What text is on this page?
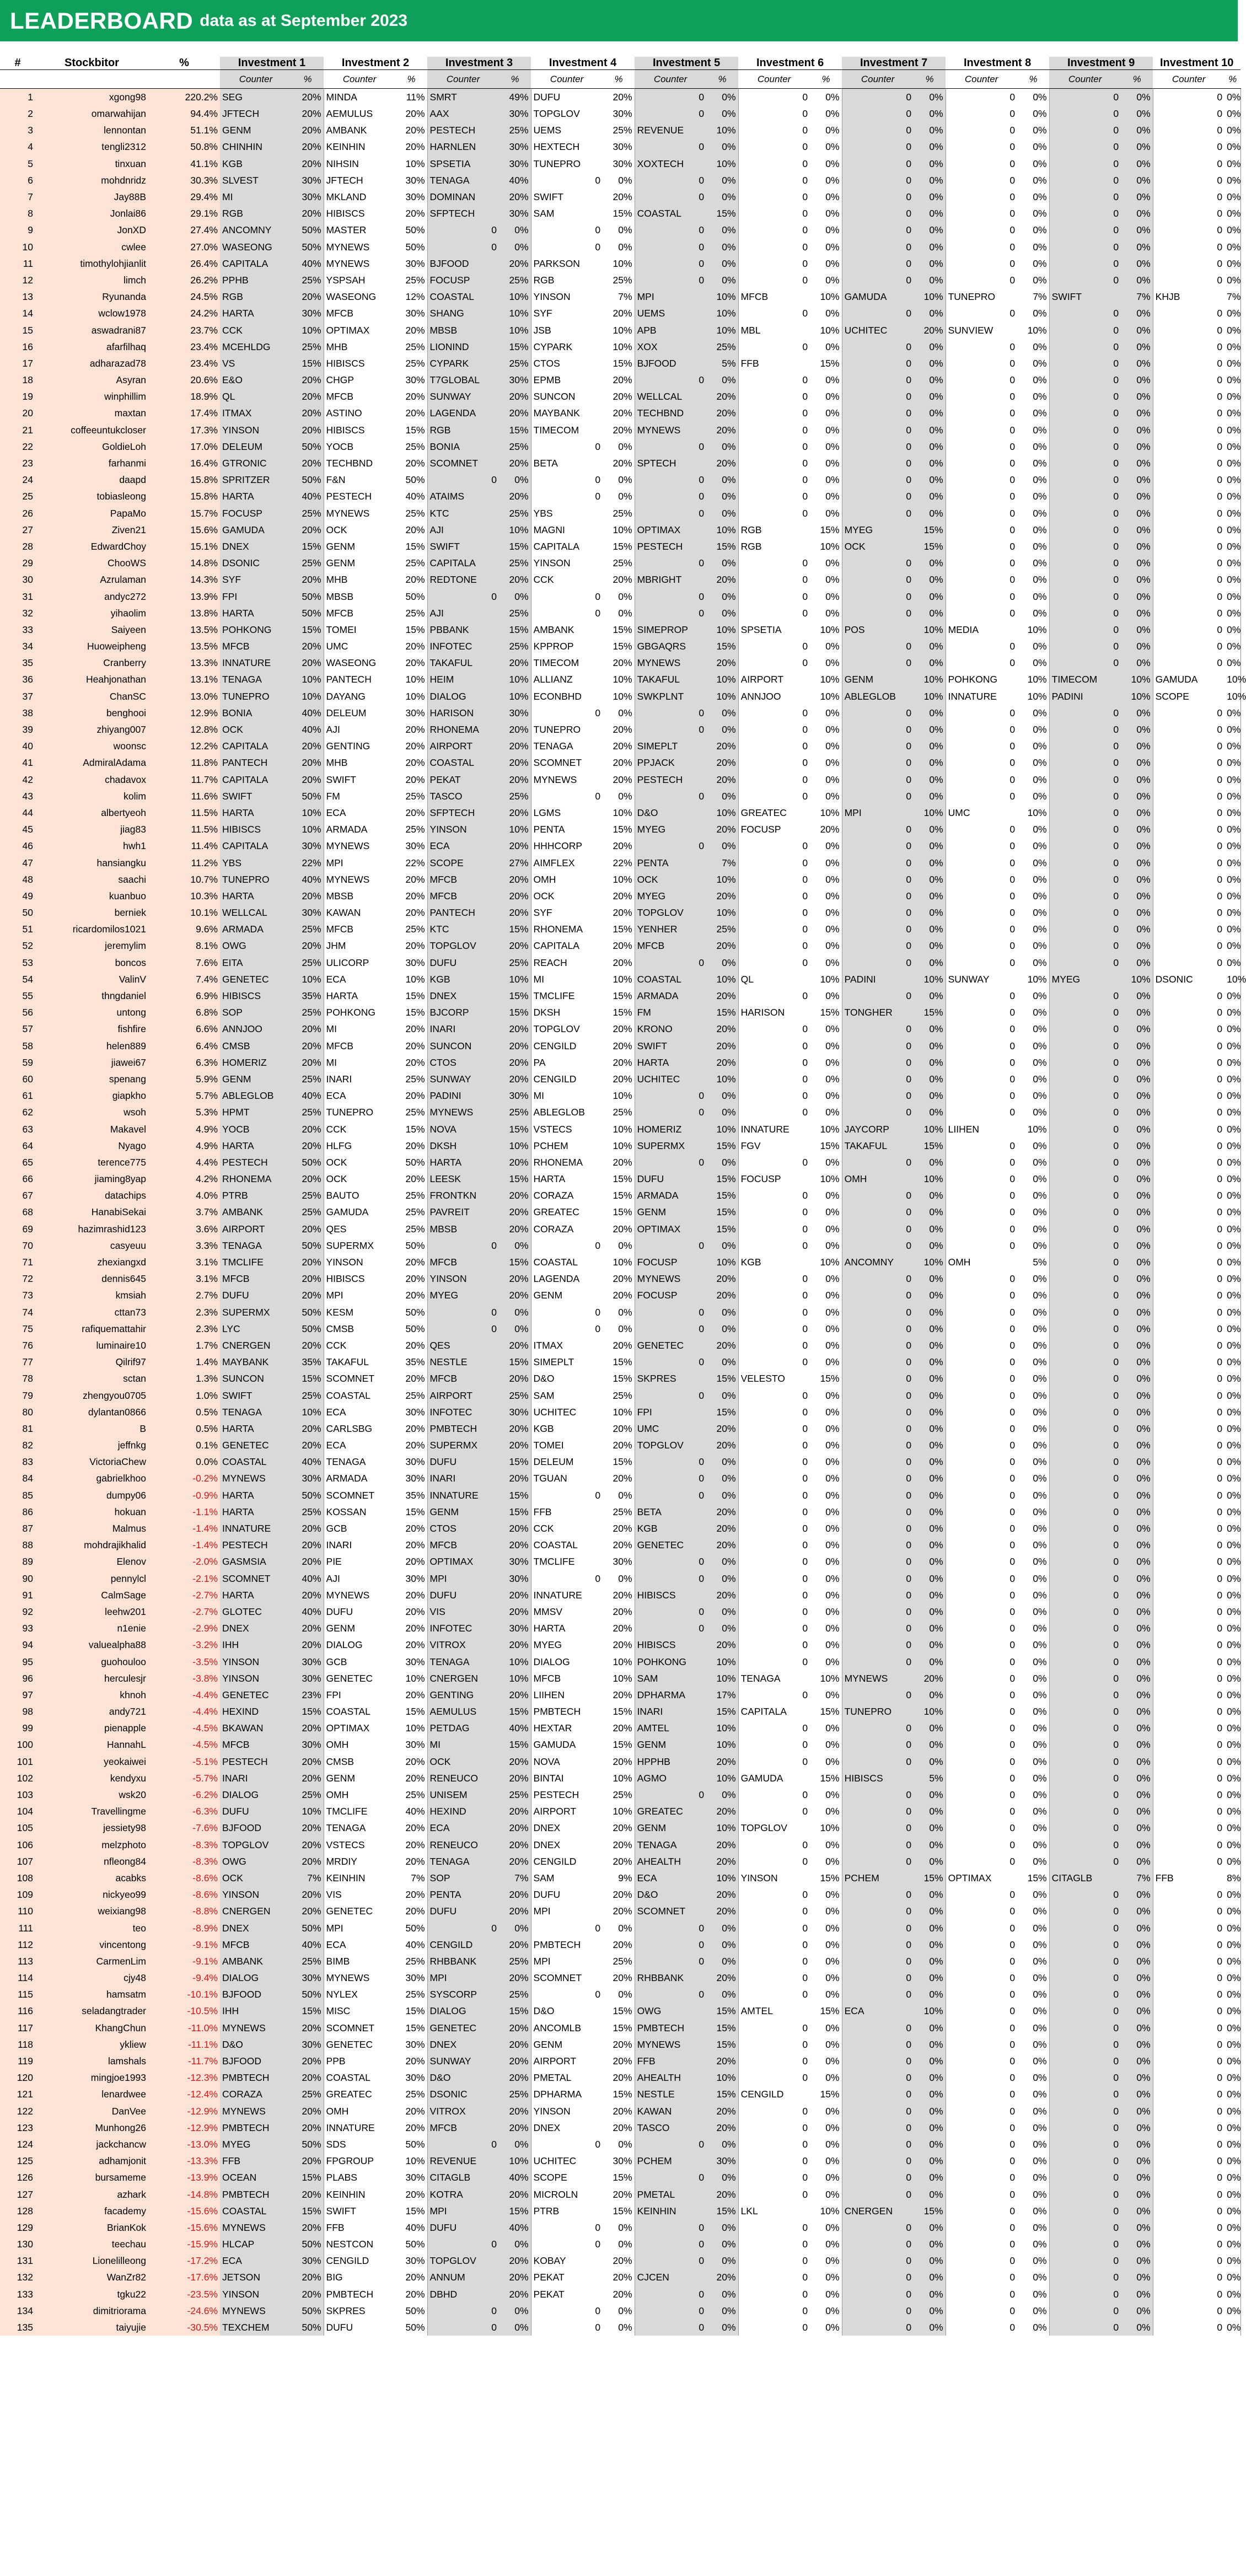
LEADERBOARD data as at September 2023
#	Stockbitor	%	Investment 1		Investment 2		Investment 3		Investment 4		Investment 5		Investment 6		Investment 7		Investment 8		Investment 9		Investment 10	
			Counter	%	Counter	%	Counter	%	Counter	%	Counter	%	Counter	%	Counter	%	Counter	%	Counter	%	Counter	%
1	xgong98	220.2%	SEG	20%	MINDA	11%	SMRT	49%	DUFU	20%	0	0%	0	0%	0	0%	0	0%	0	0%	0	0%
2	omarwahijan	94.4%	JFTECH	20%	AEMULUS	20%	AAX	30%	TOPGLOV	30%	0	0%	0	0%	0	0%	0	0%	0	0%	0	0%
3	lennontan	51.1%	GENM	20%	AMBANK	20%	PESTECH	25%	UEMS	25%	REVENUE	10%	0	0%	0	0%	0	0%	0	0%	0	0%
4	tengli2312	50.8%	CHINHIN	20%	KEINHIN	20%	HARNLEN	30%	HEXTECH	30%	0	0%	0	0%	0	0%	0	0%	0	0%	0	0%
5	tinxuan	41.1%	KGB	20%	NIHSIN	10%	SPSETIA	30%	TUNEPRO	30%	XOXTECH	10%	0	0%	0	0%	0	0%	0	0%	0	0%
6	mohdnridz	30.3%	SLVEST	30%	JFTECH	30%	TENAGA	40%	0	0%	0	0%	0	0%	0	0%	0	0%	0	0%	0	0%
7	Jay88B	29.4%	MI	30%	MKLAND	30%	DOMINAN	20%	SWIFT	20%	0	0%	0	0%	0	0%	0	0%	0	0%	0	0%
8	Jonlai86	29.1%	RGB	20%	HIBISCS	20%	SFPTECH	30%	SAM	15%	COASTAL	15%	0	0%	0	0%	0	0%	0	0%	0	0%
9	JonXD	27.4%	ANCOMNY	50%	MASTER	50%	0	0%	0	0%	0	0%	0	0%	0	0%	0	0%	0	0%	0	0%
10	cwlee	27.0%	WASEONG	50%	MYNEWS	50%	0	0%	0	0%	0	0%	0	0%	0	0%	0	0%	0	0%	0	0%
11	timothylohjianlit	26.4%	CAPITALA	40%	MYNEWS	30%	BJFOOD	20%	PARKSON	10%	0	0%	0	0%	0	0%	0	0%	0	0%	0	0%
12	limch	26.2%	PPHB	25%	YSPSAH	25%	FOCUSP	25%	RGB	25%	0	0%	0	0%	0	0%	0	0%	0	0%	0	0%
13	Ryunanda	24.5%	RGB	20%	WASEONG	12%	COASTAL	10%	YINSON	7%	MPI	10%	MFCB	10%	GAMUDA	10%	TUNEPRO	7%	SWIFT	7%	KHJB	7%
14	wclow1978	24.2%	HARTA	30%	MFCB	30%	SHANG	10%	SYF	20%	UEMS	10%	0	0%	0	0%	0	0%	0	0%	0	0%
15	aswadrani87	23.7%	CCK	10%	OPTIMAX	20%	MBSB	10%	JSB	10%	APB	10%	MBL	10%	UCHITEC	20%	SUNVIEW	10%	0	0%	0	0%
16	afarfilhaq	23.4%	MCEHLDG	25%	MHB	25%	LIONIND	15%	CYPARK	10%	XOX	25%	0	0%	0	0%	0	0%	0	0%	0	0%
17	adharazad78	23.4%	VS	15%	HIBISCS	25%	CYPARK	25%	CTOS	15%	BJFOOD	5%	FFB	15%	0	0%	0	0%	0	0%	0	0%
18	Asyran	20.6%	E&O	20%	CHGP	30%	T7GLOBAL	30%	EPMB	20%	0	0%	0	0%	0	0%	0	0%	0	0%	0	0%
19	winphillim	18.9%	QL	20%	MFCB	20%	SUNWAY	20%	SUNCON	20%	WELLCAL	20%	0	0%	0	0%	0	0%	0	0%	0	0%
20	maxtan	17.4%	ITMAX	20%	ASTINO	20%	LAGENDA	20%	MAYBANK	20%	TECHBND	20%	0	0%	0	0%	0	0%	0	0%	0	0%
21	coffeeuntukcloser	17.3%	YINSON	20%	HIBISCS	15%	RGB	15%	TIMECOM	20%	MYNEWS	20%	0	0%	0	0%	0	0%	0	0%	0	0%
22	GoldieLoh	17.0%	DELEUM	50%	YOCB	25%	BONIA	25%	0	0%	0	0%	0	0%	0	0%	0	0%	0	0%	0	0%
23	farhanmi	16.4%	GTRONIC	20%	TECHBND	20%	SCOMNET	20%	BETA	20%	SPTECH	20%	0	0%	0	0%	0	0%	0	0%	0	0%
24	daapd	15.8%	SPRITZER	50%	F&N	50%	0	0%	0	0%	0	0%	0	0%	0	0%	0	0%	0	0%	0	0%
25	tobiasleong	15.8%	HARTA	40%	PESTECH	40%	ATAIMS	20%	0	0%	0	0%	0	0%	0	0%	0	0%	0	0%	0	0%
26	PapaMo	15.7%	FOCUSP	25%	MYNEWS	25%	KTC	25%	YBS	25%	0	0%	0	0%	0	0%	0	0%	0	0%	0	0%
27	Ziven21	15.6%	GAMUDA	20%	OCK	20%	AJI	10%	MAGNI	10%	OPTIMAX	10%	RGB	15%	MYEG	15%	0	0%	0	0%	0	0%
28	EdwardChoy	15.1%	DNEX	15%	GENM	15%	SWIFT	15%	CAPITALA	15%	PESTECH	15%	RGB	10%	OCK	15%	0	0%	0	0%	0	0%
29	ChooWS	14.8%	DSONIC	25%	GENM	25%	CAPITALA	25%	YINSON	25%	0	0%	0	0%	0	0%	0	0%	0	0%	0	0%
30	Azrulaman	14.3%	SYF	20%	MHB	20%	REDTONE	20%	CCK	20%	MBRIGHT	20%	0	0%	0	0%	0	0%	0	0%	0	0%
31	andyc272	13.9%	FPI	50%	MBSB	50%	0	0%	0	0%	0	0%	0	0%	0	0%	0	0%	0	0%	0	0%
32	yihaolim	13.8%	HARTA	50%	MFCB	25%	AJI	25%	0	0%	0	0%	0	0%	0	0%	0	0%	0	0%	0	0%
33	Saiyeen	13.5%	POHKONG	15%	TOMEI	15%	PBBANK	15%	AMBANK	15%	SIMEPROP	10%	SPSETIA	10%	POS	10%	MEDIA	10%	0	0%	0	0%
34	Huoweipheng	13.5%	MFCB	20%	UMC	20%	INFOTEC	25%	KPPROP	15%	GBGAQRS	15%	0	0%	0	0%	0	0%	0	0%	0	0%
35	Cranberry	13.3%	INNATURE	20%	WASEONG	20%	TAKAFUL	20%	TIMECOM	20%	MYNEWS	20%	0	0%	0	0%	0	0%	0	0%	0	0%
36	Heahjonathan	13.1%	TENAGA	10%	PANTECH	10%	HEIM	10%	ALLIANZ	10%	TAKAFUL	10%	AIRPORT	10%	GENM	10%	POHKONG	10%	TIMECOM	10%	GAMUDA	10%
37	ChanSC	13.0%	TUNEPRO	10%	DAYANG	10%	DIALOG	10%	ECONBHD	10%	SWKPLNT	10%	ANNJOO	10%	ABLEGLOB	10%	INNATURE	10%	PADINI	10%	SCOPE	10%
38	benghooi	12.9%	BONIA	40%	DELEUM	30%	HARISON	30%	0	0%	0	0%	0	0%	0	0%	0	0%	0	0%	0	0%
39	zhiyang007	12.8%	OCK	40%	AJI	20%	RHONEMA	20%	TUNEPRO	20%	0	0%	0	0%	0	0%	0	0%	0	0%	0	0%
40	woonsc	12.2%	CAPITALA	20%	GENTING	20%	AIRPORT	20%	TENAGA	20%	SIMEPLT	20%	0	0%	0	0%	0	0%	0	0%	0	0%
41	AdmiralAdama	11.8%	PANTECH	20%	MHB	20%	COASTAL	20%	SCOMNET	20%	PPJACK	20%	0	0%	0	0%	0	0%	0	0%	0	0%
42	chadavox	11.7%	CAPITALA	20%	SWIFT	20%	PEKAT	20%	MYNEWS	20%	PESTECH	20%	0	0%	0	0%	0	0%	0	0%	0	0%
43	kolim	11.6%	SWIFT	50%	FM	25%	TASCO	25%	0	0%	0	0%	0	0%	0	0%	0	0%	0	0%	0	0%
44	albertyeoh	11.5%	HARTA	10%	ECA	20%	SFPTECH	20%	LGMS	10%	D&O	10%	GREATEC	10%	MPI	10%	UMC	10%	0	0%	0	0%
45	jiag83	11.5%	HIBISCS	10%	ARMADA	25%	YINSON	10%	PENTA	15%	MYEG	20%	FOCUSP	20%	0	0%	0	0%	0	0%	0	0%
46	hwh1	11.4%	CAPITALA	30%	MYNEWS	30%	ECA	20%	HHHCORP	20%	0	0%	0	0%	0	0%	0	0%	0	0%	0	0%
47	hansiangku	11.2%	YBS	22%	MPI	22%	SCOPE	27%	AIMFLEX	22%	PENTA	7%	0	0%	0	0%	0	0%	0	0%	0	0%
48	saachi	10.7%	TUNEPRO	40%	MYNEWS	20%	MFCB	20%	OMH	10%	OCK	10%	0	0%	0	0%	0	0%	0	0%	0	0%
49	kuanbuo	10.3%	HARTA	20%	MBSB	20%	MFCB	20%	OCK	20%	MYEG	20%	0	0%	0	0%	0	0%	0	0%	0	0%
50	berniek	10.1%	WELLCAL	30%	KAWAN	20%	PANTECH	20%	SYF	20%	TOPGLOV	10%	0	0%	0	0%	0	0%	0	0%	0	0%
51	ricardomilos1021	9.6%	ARMADA	25%	MFCB	25%	KTC	15%	RHONEMA	15%	YENHER	25%	0	0%	0	0%	0	0%	0	0%	0	0%
52	jeremylim	8.1%	OWG	20%	JHM	20%	TOPGLOV	20%	CAPITALA	20%	MFCB	20%	0	0%	0	0%	0	0%	0	0%	0	0%
53	boncos	7.6%	EITA	25%	ULICORP	30%	DUFU	25%	REACH	20%	0	0%	0	0%	0	0%	0	0%	0	0%	0	0%
54	ValinV	7.4%	GENETEC	10%	ECA	10%	KGB	10%	MI	10%	COASTAL	10%	QL	10%	PADINI	10%	SUNWAY	10%	MYEG	10%	DSONIC	10%
55	thngdaniel	6.9%	HIBISCS	35%	HARTA	15%	DNEX	15%	TMCLIFE	15%	ARMADA	20%	0	0%	0	0%	0	0%	0	0%	0	0%
56	untong	6.8%	SOP	25%	POHKONG	15%	BJCORP	15%	DKSH	15%	FM	15%	HARISON	15%	TONGHER	15%	0	0%	0	0%	0	0%
57	fishfire	6.6%	ANNJOO	20%	MI	20%	INARI	20%	TOPGLOV	20%	KRONO	20%	0	0%	0	0%	0	0%	0	0%	0	0%
58	helen889	6.4%	CMSB	20%	MFCB	20%	SUNCON	20%	CENGILD	20%	SWIFT	20%	0	0%	0	0%	0	0%	0	0%	0	0%
59	jiawei67	6.3%	HOMERIZ	20%	MI	20%	CTOS	20%	PA	20%	HARTA	20%	0	0%	0	0%	0	0%	0	0%	0	0%
60	spenang	5.9%	GENM	25%	INARI	25%	SUNWAY	20%	CENGILD	20%	UCHITEC	10%	0	0%	0	0%	0	0%	0	0%	0	0%
61	giapkho	5.7%	ABLEGLOB	40%	ECA	20%	PADINI	30%	MI	10%	0	0%	0	0%	0	0%	0	0%	0	0%	0	0%
62	wsoh	5.3%	HPMT	25%	TUNEPRO	25%	MYNEWS	25%	ABLEGLOB	25%	0	0%	0	0%	0	0%	0	0%	0	0%	0	0%
63	Makavel	4.9%	YOCB	20%	CCK	15%	NOVA	15%	VSTECS	10%	HOMERIZ	10%	INNATURE	10%	JAYCORP	10%	LIIHEN	10%	0	0%	0	0%
64	Nyago	4.9%	HARTA	20%	HLFG	20%	DKSH	10%	PCHEM	10%	SUPERMX	15%	FGV	15%	TAKAFUL	15%	0	0%	0	0%	0	0%
65	terence775	4.4%	PESTECH	50%	OCK	50%	HARTA	20%	RHONEMA	20%	0	0%	0	0%	0	0%	0	0%	0	0%	0	0%
66	jiaming8yap	4.2%	RHONEMA	20%	OCK	20%	LEESK	15%	HARTA	15%	DUFU	15%	FOCUSP	10%	OMH	10%	0	0%	0	0%	0	0%
67	datachips	4.0%	PTRB	25%	BAUTO	25%	FRONTKN	20%	CORAZA	15%	ARMADA	15%	0	0%	0	0%	0	0%	0	0%	0	0%
68	HanabiSekai	3.7%	AMBANK	25%	GAMUDA	25%	PAVREIT	20%	GREATEC	15%	GENM	15%	0	0%	0	0%	0	0%	0	0%	0	0%
69	hazimrashid123	3.6%	AIRPORT	20%	QES	25%	MBSB	20%	CORAZA	20%	OPTIMAX	15%	0	0%	0	0%	0	0%	0	0%	0	0%
70	casyeuu	3.3%	TENAGA	50%	SUPERMX	50%	0	0%	0	0%	0	0%	0	0%	0	0%	0	0%	0	0%	0	0%
71	zhexiangxd	3.1%	TMCLIFE	20%	YINSON	20%	MFCB	15%	COASTAL	10%	FOCUSP	10%	KGB	10%	ANCOMNY	10%	OMH	5%	0	0%	0	0%
72	dennis645	3.1%	MFCB	20%	HIBISCS	20%	YINSON	20%	LAGENDA	20%	MYNEWS	20%	0	0%	0	0%	0	0%	0	0%	0	0%
73	kmsiah	2.7%	DUFU	20%	MPI	20%	MYEG	20%	GENM	20%	FOCUSP	20%	0	0%	0	0%	0	0%	0	0%	0	0%
74	cttan73	2.3%	SUPERMX	50%	KESM	50%	0	0%	0	0%	0	0%	0	0%	0	0%	0	0%	0	0%	0	0%
75	rafiquemattahir	2.3%	LYC	50%	CMSB	50%	0	0%	0	0%	0	0%	0	0%	0	0%	0	0%	0	0%	0	0%
76	luminaire10	1.7%	CNERGEN	20%	CCK	20%	QES	20%	ITMAX	20%	GENETEC	20%	0	0%	0	0%	0	0%	0	0%	0	0%
77	Qilrif97	1.4%	MAYBANK	35%	TAKAFUL	35%	NESTLE	15%	SIMEPLT	15%	0	0%	0	0%	0	0%	0	0%	0	0%	0	0%
78	sctan	1.3%	SUNCON	15%	SCOMNET	20%	MFCB	20%	D&O	15%	SKPRES	15%	VELESTO	15%	0	0%	0	0%	0	0%	0	0%
79	zhengyou0705	1.0%	SWIFT	25%	COASTAL	25%	AIRPORT	25%	SAM	25%	0	0%	0	0%	0	0%	0	0%	0	0%	0	0%
80	dylantan0866	0.5%	TENAGA	10%	ECA	30%	INFOTEC	30%	UCHITEC	10%	FPI	15%	0	0%	0	0%	0	0%	0	0%	0	0%
81	B	0.5%	HARTA	20%	CARLSBG	20%	PMBTECH	20%	KGB	20%	UMC	20%	0	0%	0	0%	0	0%	0	0%	0	0%
82	jeffnkg	0.1%	GENETEC	20%	ECA	20%	SUPERMX	20%	TOMEI	20%	TOPGLOV	20%	0	0%	0	0%	0	0%	0	0%	0	0%
83	VictoriaChew	0.0%	COASTAL	40%	TENAGA	30%	DUFU	15%	DELEUM	15%	0	0%	0	0%	0	0%	0	0%	0	0%	0	0%
84	gabrielkhoo	-0.2%	MYNEWS	30%	ARMADA	30%	INARI	20%	TGUAN	20%	0	0%	0	0%	0	0%	0	0%	0	0%	0	0%
85	dumpy06	-0.9%	HARTA	50%	SCOMNET	35%	INNATURE	15%	0	0%	0	0%	0	0%	0	0%	0	0%	0	0%	0	0%
86	hokuan	-1.1%	HARTA	25%	KOSSAN	15%	GENM	15%	FFB	25%	BETA	20%	0	0%	0	0%	0	0%	0	0%	0	0%
87	Malmus	-1.4%	INNATURE	20%	GCB	20%	CTOS	20%	CCK	20%	KGB	20%	0	0%	0	0%	0	0%	0	0%	0	0%
88	mohdrajikhalid	-1.4%	PESTECH	20%	INARI	20%	MFCB	20%	COASTAL	20%	GENETEC	20%	0	0%	0	0%	0	0%	0	0%	0	0%
89	Elenov	-2.0%	GASMSIA	20%	PIE	20%	OPTIMAX	30%	TMCLIFE	30%	0	0%	0	0%	0	0%	0	0%	0	0%	0	0%
90	pennylcl	-2.1%	SCOMNET	40%	AJI	30%	MPI	30%	0	0%	0	0%	0	0%	0	0%	0	0%	0	0%	0	0%
91	CalmSage	-2.7%	HARTA	20%	MYNEWS	20%	DUFU	20%	INNATURE	20%	HIBISCS	20%	0	0%	0	0%	0	0%	0	0%	0	0%
92	leehw201	-2.7%	GLOTEC	40%	DUFU	20%	VIS	20%	MMSV	20%	0	0%	0	0%	0	0%	0	0%	0	0%	0	0%
93	n1enie	-2.9%	DNEX	20%	GENM	20%	INFOTEC	30%	HARTA	20%	0	0%	0	0%	0	0%	0	0%	0	0%	0	0%
94	valuealpha88	-3.2%	IHH	20%	DIALOG	20%	VITROX	20%	MYEG	20%	HIBISCS	20%	0	0%	0	0%	0	0%	0	0%	0	0%
95	guohouloo	-3.5%	YINSON	30%	GCB	30%	TENAGA	10%	DIALOG	10%	POHKONG	10%	0	0%	0	0%	0	0%	0	0%	0	0%
96	herculesjr	-3.8%	YINSON	30%	GENETEC	10%	CNERGEN	10%	MFCB	10%	SAM	10%	TENAGA	10%	MYNEWS	20%	0	0%	0	0%	0	0%
97	khnoh	-4.4%	GENETEC	23%	FPI	20%	GENTING	20%	LIIHEN	20%	DPHARMA	17%	0	0%	0	0%	0	0%	0	0%	0	0%
98	andy721	-4.4%	HEXIND	15%	COASTAL	15%	AEMULUS	15%	PMBTECH	15%	INARI	15%	CAPITALA	15%	TUNEPRO	10%	0	0%	0	0%	0	0%
99	pienapple	-4.5%	BKAWAN	20%	OPTIMAX	10%	PETDAG	40%	HEXTAR	20%	AMTEL	10%	0	0%	0	0%	0	0%	0	0%	0	0%
100	HannahL	-4.5%	MFCB	30%	OMH	30%	MI	15%	GAMUDA	15%	GENM	10%	0	0%	0	0%	0	0%	0	0%	0	0%
101	yeokaiwei	-5.1%	PESTECH	20%	CMSB	20%	OCK	20%	NOVA	20%	HPPHB	20%	0	0%	0	0%	0	0%	0	0%	0	0%
102	kendyxu	-5.7%	INARI	20%	GENM	20%	RENEUCO	20%	BINTAI	10%	AGMO	10%	GAMUDA	15%	HIBISCS	5%	0	0%	0	0%	0	0%
103	wsk20	-6.2%	DIALOG	25%	OMH	25%	UNISEM	25%	PESTECH	25%	0	0%	0	0%	0	0%	0	0%	0	0%	0	0%
104	Travellingme	-6.3%	DUFU	10%	TMCLIFE	40%	HEXIND	20%	AIRPORT	10%	GREATEC	20%	0	0%	0	0%	0	0%	0	0%	0	0%
105	jessiety98	-7.6%	BJFOOD	20%	TENAGA	20%	ECA	20%	DNEX	20%	GENM	10%	TOPGLOV	10%	0	0%	0	0%	0	0%	0	0%
106	melzphoto	-8.3%	TOPGLOV	20%	VSTECS	20%	RENEUCO	20%	DNEX	20%	TENAGA	20%	0	0%	0	0%	0	0%	0	0%	0	0%
107	nfleong84	-8.3%	OWG	20%	MRDIY	20%	TENAGA	20%	CENGILD	20%	AHEALTH	20%	0	0%	0	0%	0	0%	0	0%	0	0%
108	acabks	-8.6%	OCK	7%	KEINHIN	7%	SOP	7%	SAM	9%	ECA	10%	YINSON	15%	PCHEM	15%	OPTIMAX	15%	CITAGLB	7%	FFB	8%
109	nickyeo99	-8.6%	YINSON	20%	VIS	20%	PENTA	20%	DUFU	20%	D&O	20%	0	0%	0	0%	0	0%	0	0%	0	0%
110	weixiang98	-8.8%	CNERGEN	20%	GENETEC	20%	DUFU	20%	MPI	20%	SCOMNET	20%	0	0%	0	0%	0	0%	0	0%	0	0%
111	teo	-8.9%	DNEX	50%	MPI	50%	0	0%	0	0%	0	0%	0	0%	0	0%	0	0%	0	0%	0	0%
112	vincentong	-9.1%	MFCB	40%	ECA	40%	CENGILD	20%	PMBTECH	20%	0	0%	0	0%	0	0%	0	0%	0	0%	0	0%
113	CarmenLim	-9.1%	AMBANK	25%	BIMB	25%	RHBBANK	25%	MPI	25%	0	0%	0	0%	0	0%	0	0%	0	0%	0	0%
114	cjy48	-9.4%	DIALOG	30%	MYNEWS	30%	MPI	20%	SCOMNET	20%	RHBBANK	20%	0	0%	0	0%	0	0%	0	0%	0	0%
115	hamsatm	-10.1%	BJFOOD	50%	NYLEX	25%	SYSCORP	25%	0	0%	0	0%	0	0%	0	0%	0	0%	0	0%	0	0%
116	seladangtrader	-10.5%	IHH	15%	MISC	15%	DIALOG	15%	D&O	15%	OWG	15%	AMTEL	15%	ECA	10%	0	0%	0	0%	0	0%
117	KhangChun	-11.0%	MYNEWS	20%	SCOMNET	15%	GENETEC	20%	ANCOMLB	15%	PMBTECH	15%	0	0%	0	0%	0	0%	0	0%	0	0%
118	ykliew	-11.1%	D&O	30%	GENETEC	30%	DNEX	20%	GENM	20%	MYNEWS	15%	0	0%	0	0%	0	0%	0	0%	0	0%
119	lamshals	-11.7%	BJFOOD	20%	PPB	20%	SUNWAY	20%	AIRPORT	20%	FFB	20%	0	0%	0	0%	0	0%	0	0%	0	0%
120	mingjoe1993	-12.3%	PMBTECH	20%	COASTAL	30%	D&O	20%	PMETAL	20%	AHEALTH	10%	0	0%	0	0%	0	0%	0	0%	0	0%
121	lenardwee	-12.4%	CORAZA	25%	GREATEC	25%	DSONIC	25%	DPHARMA	15%	NESTLE	15%	CENGILD	15%	0	0%	0	0%	0	0%	0	0%
122	DanVee	-12.9%	MYNEWS	20%	OMH	20%	VITROX	20%	YINSON	20%	KAWAN	20%	0	0%	0	0%	0	0%	0	0%	0	0%
123	Munhong26	-12.9%	PMBTECH	20%	INNATURE	20%	MFCB	20%	DNEX	20%	TASCO	20%	0	0%	0	0%	0	0%	0	0%	0	0%
124	jackchancw	-13.0%	MYEG	50%	SDS	50%	0	0%	0	0%	0	0%	0	0%	0	0%	0	0%	0	0%	0	0%
125	adhamjonit	-13.3%	FFB	20%	FPGROUP	10%	REVENUE	10%	UCHITEC	30%	PCHEM	30%	0	0%	0	0%	0	0%	0	0%	0	0%
126	bursameme	-13.9%	OCEAN	15%	PLABS	30%	CITAGLB	40%	SCOPE	15%	0	0%	0	0%	0	0%	0	0%	0	0%	0	0%
127	azhark	-14.8%	PMBTECH	20%	KEINHIN	20%	KOTRA	20%	MICROLN	20%	PMETAL	20%	0	0%	0	0%	0	0%	0	0%	0	0%
128	facademy	-15.6%	COASTAL	15%	SWIFT	15%	MPI	15%	PTRB	15%	KEINHIN	15%	LKL	10%	CNERGEN	15%	0	0%	0	0%	0	0%
129	BrianKok	-15.6%	MYNEWS	20%	FFB	40%	DUFU	40%	0	0%	0	0%	0	0%	0	0%	0	0%	0	0%	0	0%
130	teechau	-15.9%	HLCAP	50%	NESTCON	50%	0	0%	0	0%	0	0%	0	0%	0	0%	0	0%	0	0%	0	0%
131	Lionelilleong	-17.2%	ECA	30%	CENGILD	30%	TOPGLOV	20%	KOBAY	20%	0	0%	0	0%	0	0%	0	0%	0	0%	0	0%
132	WanZr82	-17.6%	JETSON	20%	BIG	20%	ANNUM	20%	PEKAT	20%	CJCEN	20%	0	0%	0	0%	0	0%	0	0%	0	0%
133	tgku22	-23.5%	YINSON	20%	PMBTECH	20%	DBHD	20%	PEKAT	20%	0	0%	0	0%	0	0%	0	0%	0	0%	0	0%
134	dimitriorama	-24.6%	MYNEWS	50%	SKPRES	50%	0	0%	0	0%	0	0%	0	0%	0	0%	0	0%	0	0%	0	0%
135	taiyujie	-30.5%	TEXCHEM	50%	DUFU	50%	0	0%	0	0%	0	0%	0	0%	0	0%	0	0%	0	0%	0	0%
